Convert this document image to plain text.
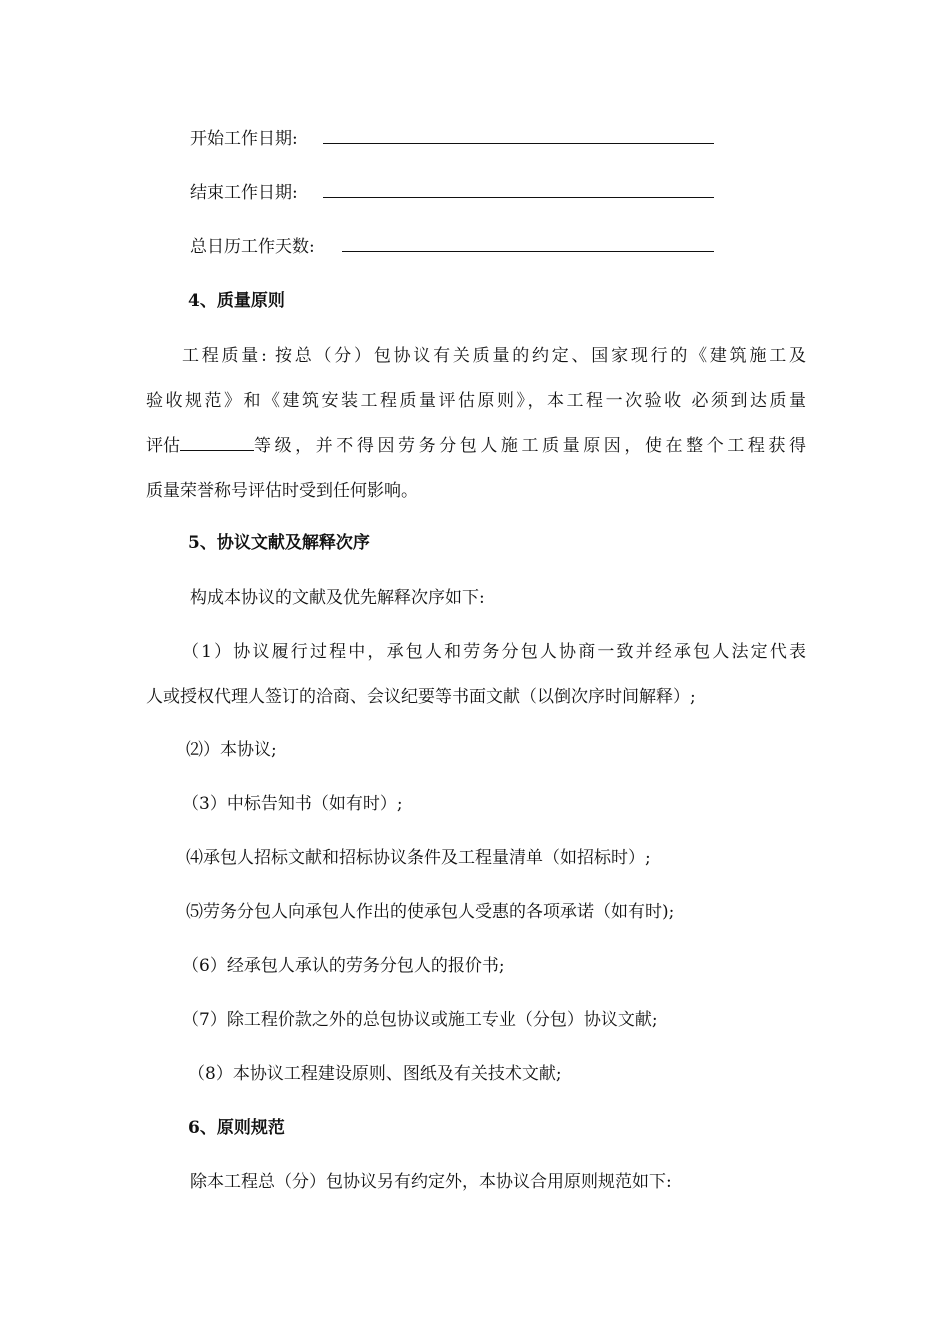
开始工作日期:
结束工作日期:
总日历工作天数:
4、质量原则
工程质量: 按总（分）包协议有关质量的约定、国家现行的《建筑施工及
验收规范》和《建筑安装工程质量评估原则》，本工程一次验收 必须到达质量
评估	等级，并不得因劳务分包人施工质量原因，使在整个工程获得
质量荣誉称号评估时受到任何影响。
5、协议文献及解释次序
构成本协议的文献及优先解释次序如下:
（1）协议履行过程中，承包人和劳务分包人协商一致并经承包人法定代表
人或授权代理人签订的洽商、会议纪要等书面文献（以倒次序时间解释）;
⑵）本协议;
（3）中标告知书（如有时）;
⑷承包人招标文献和招标协议条件及工程量清单（如招标时）;
⑸劳务分包人向承包人作出的使承包人受惠的各项承诺（如有时);
（6）经承包人承认的劳务分包人的报价书;
（7）除工程价款之外的总包协议或施工专业（分包）协议文献;
（8）本协议工程建设原则、图纸及有关技术文献;
6、原则规范
除本工程总（分）包协议另有约定外，本协议合用原则规范如下:
